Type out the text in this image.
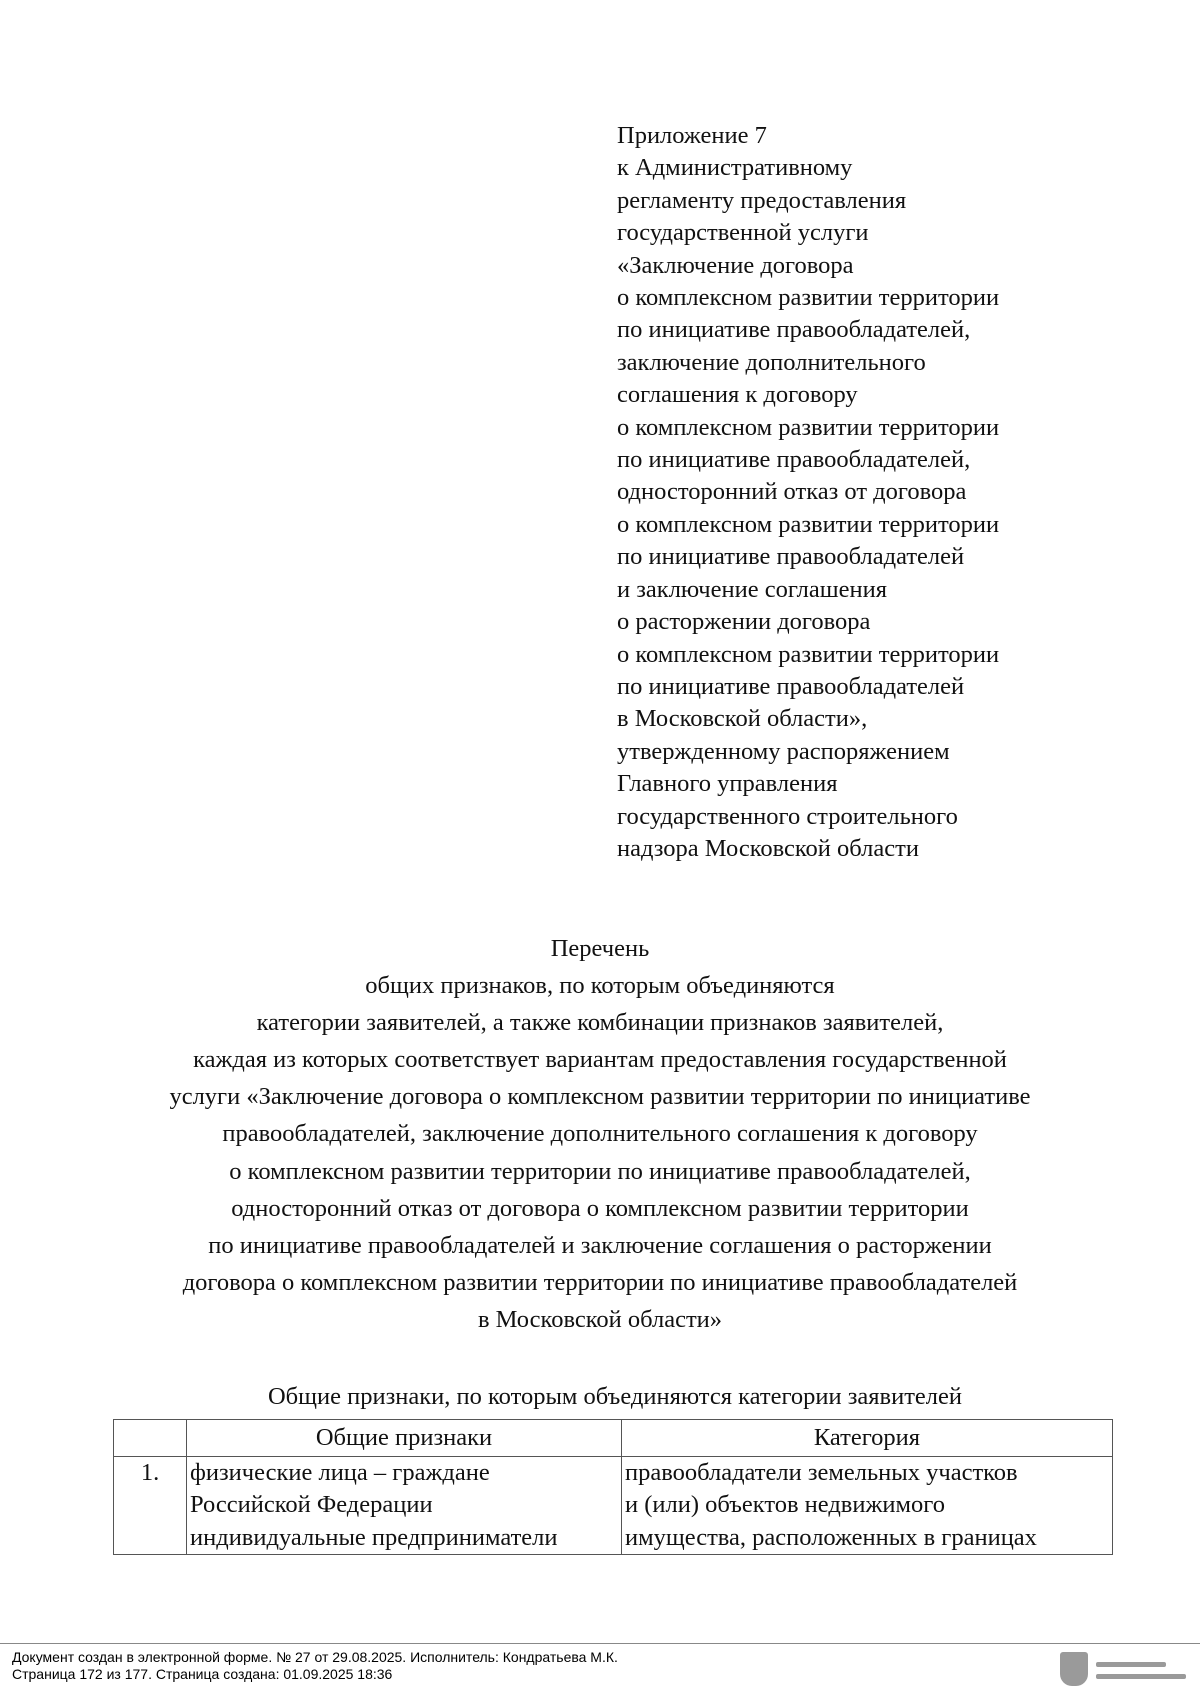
Приложение 7
к Административному
регламенту предоставления
государственной услуги
«Заключение договора
о комплексном развитии территории
по инициативе правообладателей,
заключение дополнительного
соглашения к договору
о комплексном развитии территории
по инициативе правообладателей,
односторонний отказ от договора
о комплексном развитии территории
по инициативе правообладателей
и заключение соглашения
о расторжении договора
о комплексном развитии территории
по инициативе правообладателей
в Московской области»,
утвержденному распоряжением
Главного управления
государственного строительного
надзора Московской области
Перечень
общих признаков, по которым объединяются
категории заявителей, а также комбинации признаков заявителей,
каждая из которых соответствует вариантам предоставления государственной
услуги «Заключение договора о комплексном развитии территории по инициативе
правообладателей, заключение дополнительного соглашения к договору
о комплексном развитии территории по инициативе правообладателей,
односторонний отказ от договора о комплексном развитии территории
по инициативе правообладателей и заключение соглашения о расторжении
договора о комплексном развитии территории по инициативе правообладателей
в Московской области»
Общие признаки, по которым объединяются категории заявителей
	Общие признаки	Категория
1.	физические лица – граждане
Российской Федерации
индивидуальные предприниматели	правообладатели земельных участков
и (или) объектов недвижимого
имущества, расположенных в границах
Документ создан в электронной форме. № 27 от 29.08.2025. Исполнитель: Кондратьева М.К.
Страница 172 из 177. Страница создана: 01.09.2025 18:36
